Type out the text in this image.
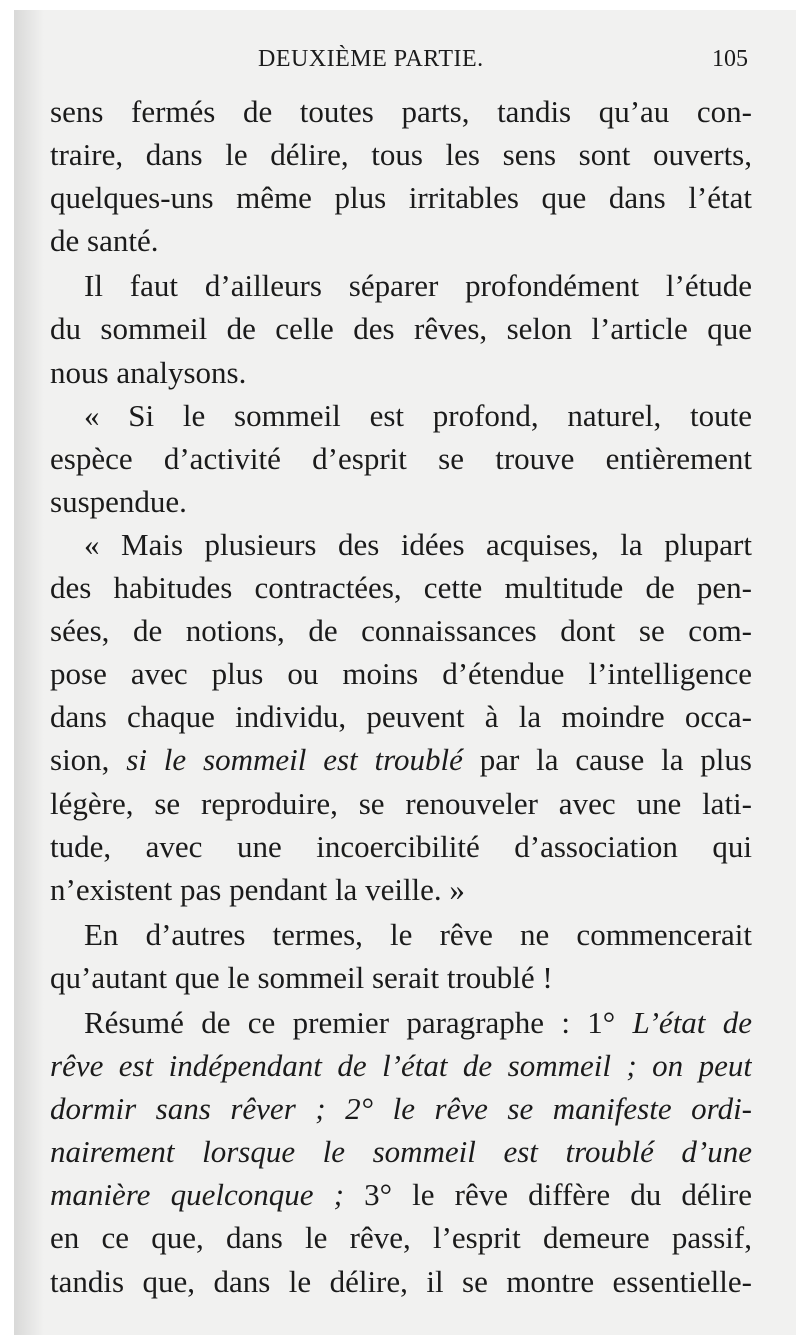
DEUXIÈME PARTIE.	105
sens fermés de toutes parts, tandis qu’au con-
traire, dans le délire, tous les sens sont ouverts,
quelques-uns même plus irritables que dans l’état
de santé.
Il faut d’ailleurs séparer profondément l’étude
du sommeil de celle des rêves, selon l’article que
nous analysons.
« Si le sommeil est profond, naturel, toute
espèce d’activité d’esprit se trouve entièrement
suspendue.
« Mais plusieurs des idées acquises, la plupart
des habitudes contractées, cette multitude de pen-
sées, de notions, de connaissances dont se com-
pose avec plus ou moins d’étendue l’intelligence
dans chaque individu, peuvent à la moindre occa-
sion, si le sommeil est troublé par la cause la plus
légère, se reproduire, se renouveler avec une lati-
tude, avec une incoercibilité d’association qui
n’existent pas pendant la veille. »
En d’autres termes, le rêve ne commencerait
qu’autant que le sommeil serait troublé !
Résumé de ce premier paragraphe : 1° L’état de
rêve est indépendant de l’état de sommeil ; on peut
dormir sans rêver ; 2° le rêve se manifeste ordi-
nairement lorsque le sommeil est troublé d’une
manière quelconque ; 3° le rêve diffère du délire
en ce que, dans le rêve, l’esprit demeure passif,
tandis que, dans le délire, il se montre essentielle-
